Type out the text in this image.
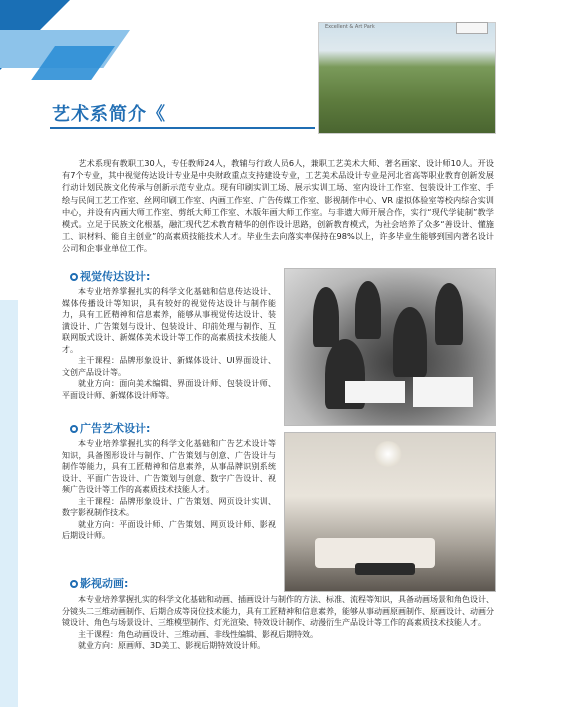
Excellent & Art Park
艺术系简介《

艺术系现有教职工30人，专任教师24人，教辅与行政人员6人，兼职工艺美术大师、著名画家、设计师10人。开设有7个专业，其中视觉传达设计专业是中央财政重点支持建设专业，工艺美术品设计专业是河北省高等职业教育创新发展行动计划民族文化传承与创新示范专业点。现有印刷实训工场、展示实训工场、室内设计工作室、包装设计工作室、手绘与民间工艺工作室、丝网印刷工作室、内画工作室、广告传媒工作室、影视制作中心、VR 虚拟体验室等校内综合实训中心，并设有内画大师工作室、剪纸大师工作室、木版年画大师工作室。与非遗大师开展合作，实行“现代学徒制”教学模式。立足于民族文化根基，融汇现代艺术教育精华的创作设计思路，创新教育模式，为社会培养了众多“善设计、懂施工、识材料、能自主创业”的高素质技能技术人才。毕业生去向落实率保持在98%以上，许多毕业生能够到国内著名设计公司和企事业单位工作。

视觉传达设计:

本专业培养掌握扎实的科学文化基础和信息传达设计、媒体传播设计等知识，具有较好的视觉传达设计与制作能力，具有工匠精神和信息素养，能够从事视觉传达设计、装潢设计、广告策划与设计、包装设计、印前处理与制作、互联网版式设计、新媒体美术设计等工作的高素质技术技能人才。

主干课程：品牌形象设计、新媒体设计、UI界面设计、文创产品设计等。

就业方向：面向美术编辑、界面设计师、包装设计师、平面设计师、新媒体设计师等。

广告艺术设计:

本专业培养掌握扎实的科学文化基础和广告艺术设计等知识，具备图形设计与制作、广告策划与创意、广告设计与制作等能力，具有工匠精神和信息素养，从事品牌识别系统设计、平面广告设计、广告策划与创意、数字广告设计、视频广告设计等工作的高素质技术技能人才。

主干课程：品牌形象设计、广告策划、网页设计实训、数字影视制作技术。

就业方向：平面设计师、广告策划、网页设计师、影视后期设计师。

影视动画:

本专业培养掌握扎实的科学文化基础和动画、插画设计与制作的方法、标准、流程等知识，具备动画场景和角色设计、分镜头二三维动画制作、后期合成等岗位技术能力，具有工匠精神和信息素养，能够从事动画原画制作、原画设计、动画分镜设计、角色与场景设计、三维模型制作、灯光渲染、特效设计制作、动漫衍生产品设计等工作的高素质技术技能人才。

主干课程：角色动画设计、三维动画、非线性编辑、影视后期特效。

就业方向：原画师、3D美工、影视后期特效设计师。
